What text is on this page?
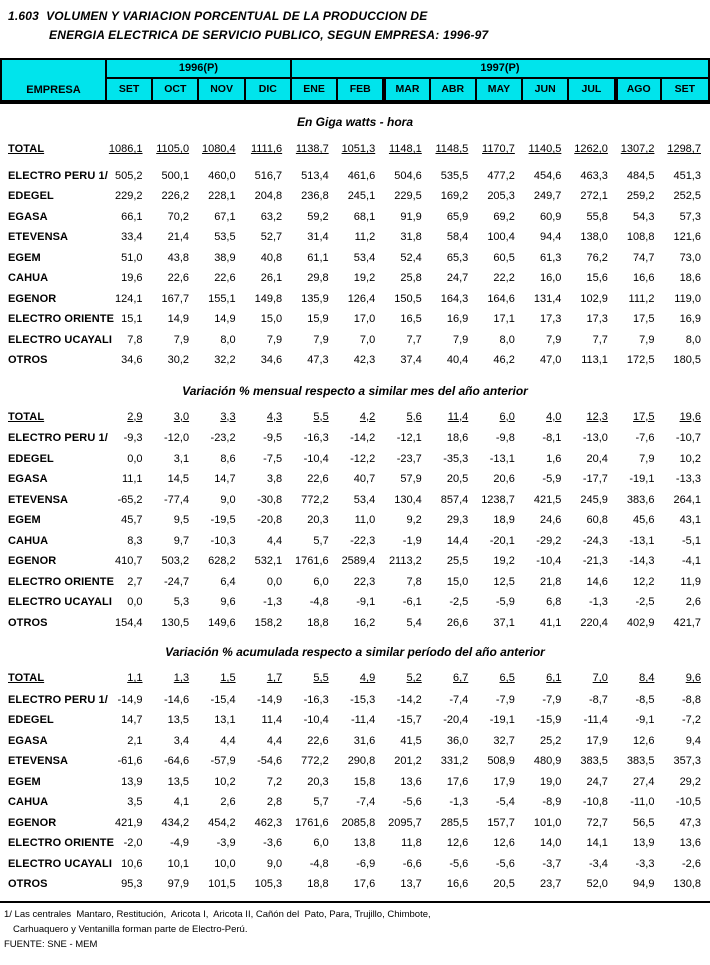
1.603  VOLUMEN Y VARIACION PORCENTUAL DE LA PRODUCCION DE
ENERGIA ELECTRICA DE SERVICIO PUBLICO, SEGUN EMPRESA: 1996-97
EMPRESA
1996(P)	1997(P)
SET	OCT	NOV	DIC	ENE	FEB	MAR	ABR	MAY	JUN	JUL	AGO	SET
En Giga watts - hora
TOTAL	1086,1	1105,0	1080,4	1111,6	1138,7	1051,3	1148,1	1148,5	1170,7	1140,5	1262,0	1307,2	1298,7
ELECTRO PERU 1/ 505,2	500,1	460,0	516,7	513,4	461,6	504,6	535,5	477,2	454,6	463,3	484,5	451,3
EDEGEL	229,2	226,2	228,1	204,8	236,8	245,1	229,5	169,2	205,3	249,7	272,1	259,2	252,5
EGASA	66,1	70,2	67,1	63,2	59,2	68,1	91,9	65,9	69,2	60,9	55,8	54,3	57,3
ETEVENSA	33,4	21,4	53,5	52,7	31,4	11,2	31,8	58,4	100,4	94,4	138,0	108,8	121,6
EGEM	51,0	43,8	38,9	40,8	61,1	53,4	52,4	65,3	60,5	61,3	76,2	74,7	73,0
CAHUA	19,6	22,6	22,6	26,1	29,8	19,2	25,8	24,7	22,2	16,0	15,6	16,6	18,6
EGENOR	124,1	167,7	155,1	149,8	135,9	126,4	150,5	164,3	164,6	131,4	102,9	111,2	119,0
ELECTRO ORIENTE 15,1	14,9	14,9	15,0	15,9	17,0	16,5	16,9	17,1	17,3	17,3	17,5	16,9
ELECTRO UCAYALI	7,8	7,9	8,0	7,9	7,9	7,0	7,7	7,9	8,0	7,9	7,7	7,9	8,0
OTROS	34,6	30,2	32,2	34,6	47,3	42,3	37,4	40,4	46,2	47,0	113,1	172,5	180,5
Variación % mensual respecto a similar mes del año anterior
TOTAL	2,9	3,0	3,3	4,3	5,5	4,2	5,6	11,4	6,0	4,0	12,3	17,5	19,6
ELECTRO PERU 1/	-9,3	-12,0	-23,2	-9,5	-16,3	-14,2	-12,1	18,6	-9,8	-8,1	-13,0	-7,6	-10,7
EDEGEL	0,0	3,1	8,6	-7,5	-10,4	-12,2	-23,7	-35,3	-13,1	1,6	20,4	7,9	10,2
EGASA	11,1	14,5	14,7	3,8	22,6	40,7	57,9	20,5	20,6	-5,9	-17,7	-19,1	-13,3
ETEVENSA	-65,2	-77,4	9,0	-30,8	772,2	53,4	130,4	857,4	1238,7	421,5	245,9	383,6	264,1
EGEM	45,7	9,5	-19,5	-20,8	20,3	11,0	9,2	29,3	18,9	24,6	60,8	45,6	43,1
CAHUA	8,3	9,7	-10,3	4,4	5,7	-22,3	-1,9	14,4	-20,1	-29,2	-24,3	-13,1	-5,1
EGENOR	410,7	503,2	628,2	532,1	1761,6	2589,4	2113,2	25,5	19,2	-10,4	-21,3	-14,3	-4,1
ELECTRO ORIENTE	2,7	-24,7	6,4	0,0	6,0	22,3	7,8	15,0	12,5	21,8	14,6	12,2	11,9
ELECTRO UCAYALI	0,0	5,3	9,6	-1,3	-4,8	-9,1	-6,1	-2,5	-5,9	6,8	-1,3	-2,5	2,6
OTROS	154,4	130,5	149,6	158,2	18,8	16,2	5,4	26,6	37,1	41,1	220,4	402,9	421,7
Variación % acumulada respecto a similar período del año anterior
TOTAL	1,1	1,3	1,5	1,7	5,5	4,9	5,2	6,7	6,5	6,1	7,0	8,4	9,6
ELECTRO PERU 1/ -14,9	-14,6	-15,4	-14,9	-16,3	-15,3	-14,2	-7,4	-7,9	-7,9	-8,7	-8,5	-8,8
EDEGEL	14,7	13,5	13,1	11,4	-10,4	-11,4	-15,7	-20,4	-19,1	-15,9	-11,4	-9,1	-7,2
EGASA	2,1	3,4	4,4	4,4	22,6	31,6	41,5	36,0	32,7	25,2	17,9	12,6	9,4
ETEVENSA	-61,6	-64,6	-57,9	-54,6	772,2	290,8	201,2	331,2	508,9	480,9	383,5	383,5	357,3
EGEM	13,9	13,5	10,2	7,2	20,3	15,8	13,6	17,6	17,9	19,0	24,7	27,4	29,2
CAHUA	3,5	4,1	2,6	2,8	5,7	-7,4	-5,6	-1,3	-5,4	-8,9	-10,8	-11,0	-10,5
EGENOR	421,9	434,2	454,2	462,3	1761,6	2085,8	2095,7	285,5	157,7	101,0	72,7	56,5	47,3
ELECTRO ORIENTE -2,0	-4,9	-3,9	-3,6	6,0	13,8	11,8	12,6	12,6	14,0	14,1	13,9	13,6
ELECTRO UCAYALI 10,6	10,1	10,0	9,0	-4,8	-6,9	-6,6	-5,6	-5,6	-3,7	-3,4	-3,3	-2,6
OTROS	95,3	97,9	101,5	105,3	18,8	17,6	13,7	16,6	20,5	23,7	52,0	94,9	130,8
1/ Las centrales  Mantaro, Restitución,  Aricota I,  Aricota II, Cañón del  Pato, Para, Trujillo, Chimbote,
Carhuaquero y Ventanilla forman parte de Electro-Perú.
FUENTE: SNE - MEM
